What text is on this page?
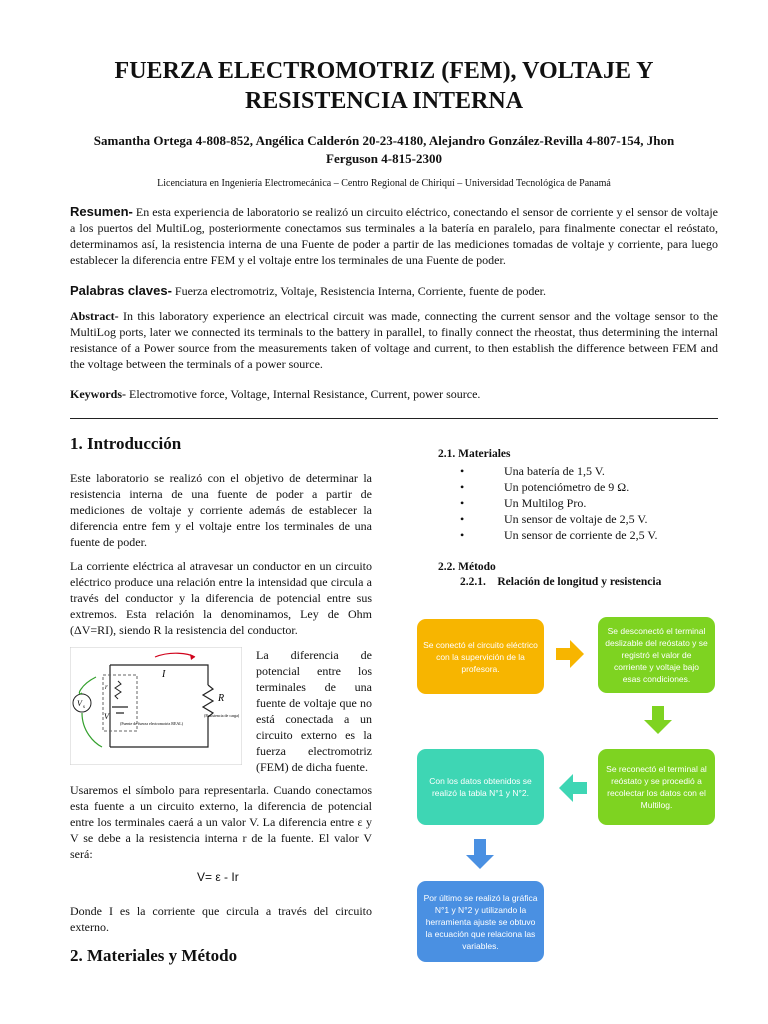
FUERZA ELECTROMOTRIZ (FEM), VOLTAJE Y RESISTENCIA INTERNA
Samantha Ortega 4-808-852, Angélica Calderón 20-23-4180, Alejandro González-Revilla 4-807-154, Jhon Ferguson 4-815-2300
Licenciatura en Ingeniería Electromecánica – Centro Regional de Chiriquí – Universidad Tecnológica de Panamá
Resumen- En esta experiencia de laboratorio se realizó un circuito eléctrico, conectando el sensor de corriente y el sensor de voltaje a los puertos del MultiLog, posteriormente conectamos sus terminales a la batería en paralelo, para finalmente conectar el reóstato, determinamos así, la resistencia interna de una Fuente de poder a partir de las mediciones tomadas de voltaje y corriente, para luego establecer la diferencia entre FEM y el voltaje entre los terminales de una Fuente de poder.
Palabras claves- Fuerza electromotriz, Voltaje, Resistencia Interna, Corriente, fuente de poder.
Abstract- In this laboratory experience an electrical circuit was made, connecting the current sensor and the voltage sensor to the MultiLog ports, later we connected its terminals to the battery in parallel, to finally connect the rheostat, thus determining the internal resistance of a Power source from the measurements taken of voltage and current, to then establish the difference between FEM and the voltage between the terminals of a power source.
Keywords- Electromotive force, Voltage, Internal Resistance, Current, power source.
1. Introducción
Este laboratorio se realizó con el objetivo de determinar la resistencia interna de una fuente de poder a partir de mediciones de voltaje y corriente además de establecer la diferencia entre fem y el voltaje entre los terminales de una fuente de poder.
La corriente eléctrica al atravesar un conductor en un circuito eléctrico produce una relación entre la intensidad que circula a través del conductor y la diferencia de potencial entre sus extremos. Esta relación la denominamos, Ley de Ohm (ΔV=RI), siendo R la resistencia del conductor.
I
R
(Resistencia de carga)
V s
r
V
(Fuente de fuerza electromotriz REAL)
La diferencia de potencial entre los terminales de una fuente de voltaje que no está conectada a un circuito externo es la fuerza electromotriz (FEM) de dicha fuente.
Usaremos el símbolo para representarla. Cuando conectamos esta fuente a un circuito externo, la diferencia de potencial entre los terminales caerá a un valor V. La diferencia entre ε y V se debe a la resistencia interna r de la fuente. El valor V será:
V= ε - Ir
Donde I es la corriente que circula a través del circuito externo.
2. Materiales y Método
2.1. Materiales
• Una batería de 1,5 V.
• Un potenciómetro de 9 Ω.
• Un Multilog Pro.
• Un sensor de voltaje de 2,5 V.
• Un sensor de corriente de 2,5 V.
2.2. Método
2.2.1. Relación de longitud y resistencia
Se conectó el circuito eléctrico con la supervición de la profesora.
Se desconectó el terminal deslizable del reóstato y se registró el valor de corriente y voltaje bajo esas condiciones.
Se reconectó el terminal al reóstato y se procedió a recolectar los datos con el Multilog.
Con los datos obtenidos se realizó la tabla N°1 y N°2.
Por último se realizó la gráfica N°1 y N°2 y utilizando la herramienta ajuste se obtuvo la ecuación que relaciona las variables.
